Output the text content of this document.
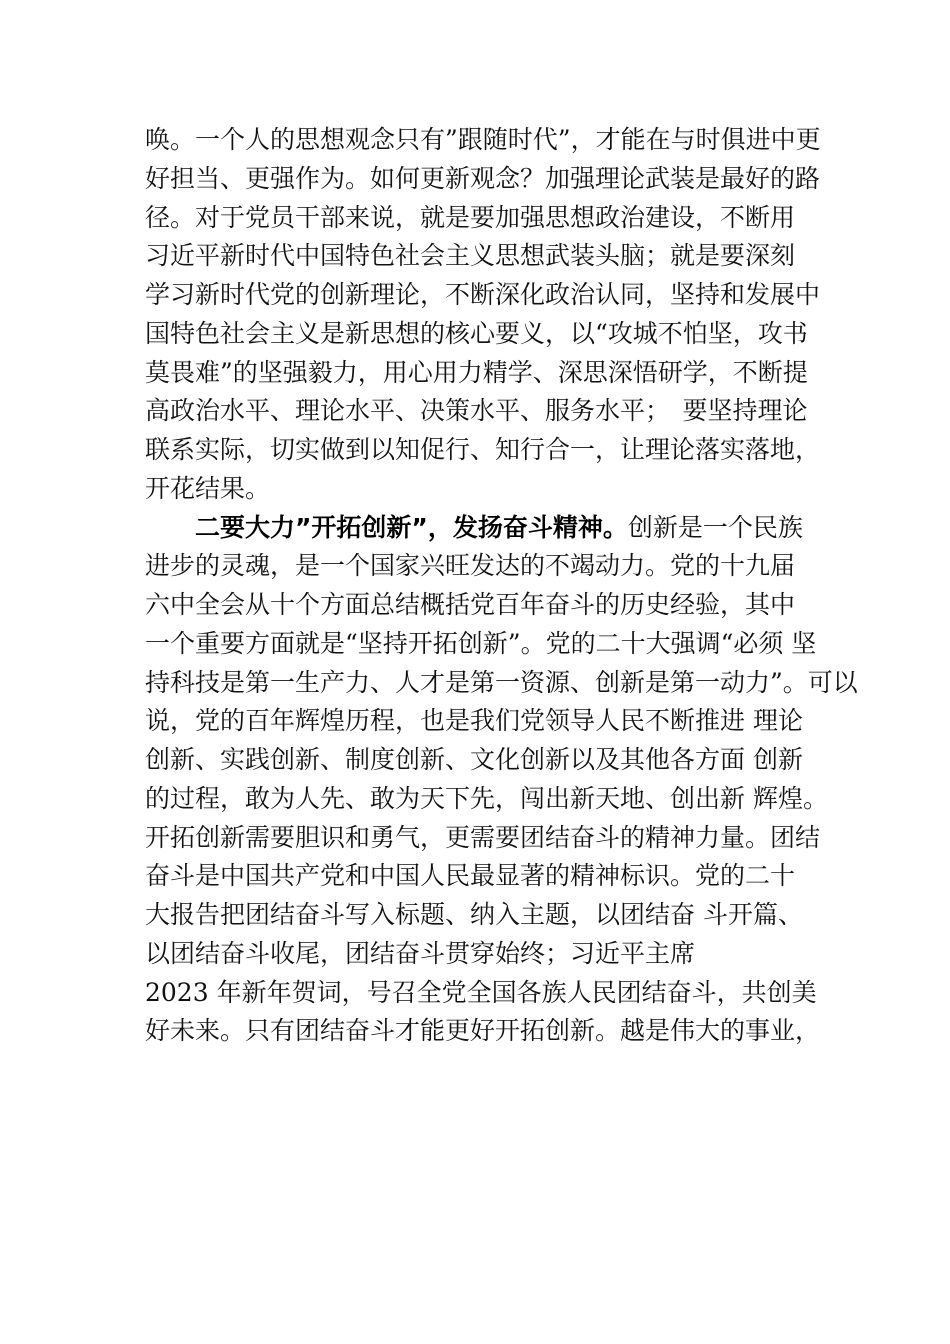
唤。一个人的思想观念只有”跟随时代”，才能在与时俱进中更
好担当、更强作为。如何更新观念？加强理论武装是最好的路
径。对于党员干部来说，就是要加强思想政治建设，不断用
习近平新时代中国特色社会主义思想武装头脑；就是要深刻
学习新时代党的创新理论，不断深化政治认同，坚持和发展中
国特色社会主义是新思想的核心要义，以“攻城不怕坚，攻书
莫畏难”的坚强毅力，用心用力精学、深思深悟研学，不断提
高政治水平、理论水平、决策水平、服务水平；　要坚持理论
联系实际，切实做到以知促行、知行合一，让理论落实落地，
开花结果。
二要大力”开拓创新”，发扬奋斗精神。创新是一个民族
进步的灵魂，是一个国家兴旺发达的不竭动力。党的十九届
六中全会从十个方面总结概括党百年奋斗的历史经验，其中
一个重要方面就是“坚持开拓创新”。党的二十大强调“必须 坚
持科技是第一生产力、人才是第一资源、创新是第一动力”。可以
说，党的百年辉煌历程，也是我们党领导人民不断推进 理论
创新、实践创新、制度创新、文化创新以及其他各方面 创新
的过程，敢为人先、敢为天下先，闯出新天地、创出新 辉煌。
开拓创新需要胆识和勇气，更需要团结奋斗的精神力量。团结
奋斗是中国共产党和中国人民最显著的精神标识。党的二十
大报告把团结奋斗写入标题、纳入主题，以团结奋 斗开篇、
以团结奋斗收尾，团结奋斗贯穿始终；习近平主席
2023 年新年贺词，号召全党全国各族人民团结奋斗，共创美
好未来。只有团结奋斗才能更好开拓创新。越是伟大的事业，
